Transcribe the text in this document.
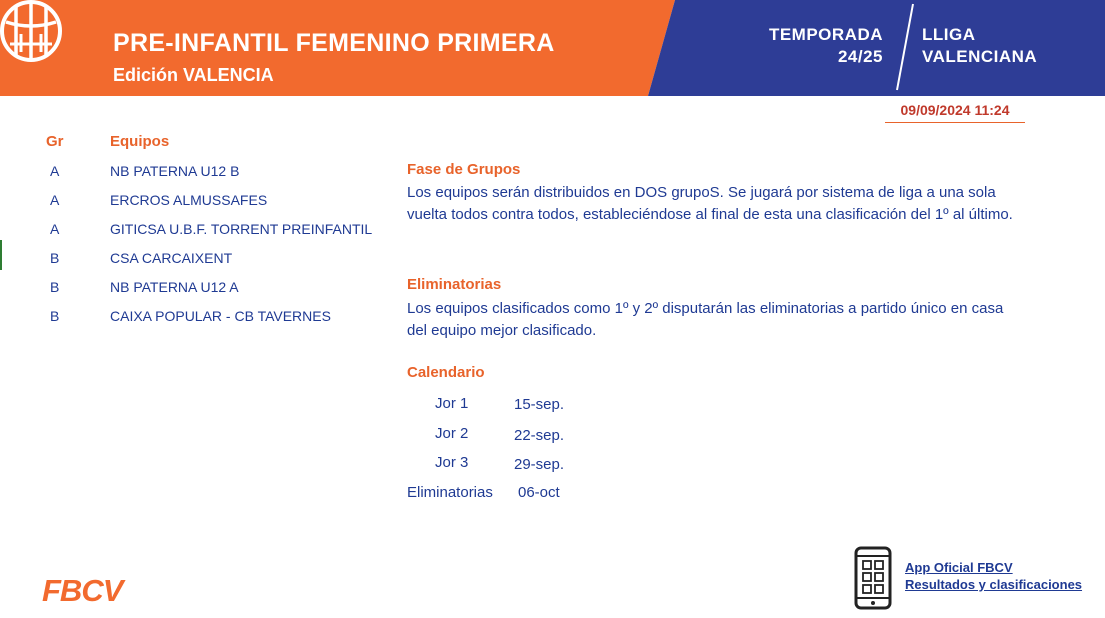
PRE-INFANTIL FEMENINO PRIMERA
Edición VALENCIA
TEMPORADA
24/25
LLIGA
VALENCIANA
09/09/2024 11:24
Gr	Equipos
A	NB PATERNA U12 B
A	ERCROS ALMUSSAFES
A	GITICSA U.B.F. TORRENT PREINFANTIL
B	CSA CARCAIXENT
B	NB PATERNA U12 A
B	CAIXA POPULAR - CB TAVERNES
Fase de Grupos
Los equipos serán distribuidos en DOS grupoS. Se jugará por sistema de liga a una sola vuelta todos contra todos, estableciéndose al final de esta una clasificación del 1º al último.
Eliminatorias
Los equipos clasificados como 1º y 2º disputarán las eliminatorias a partido único en casa del equipo mejor clasificado.
Calendario
Jor 1	15-sep.
Jor 2	22-sep.
Jor 3	29-sep.
Eliminatorias 06-oct
FBCV
App Oficial FBCV
Resultados y clasificaciones
